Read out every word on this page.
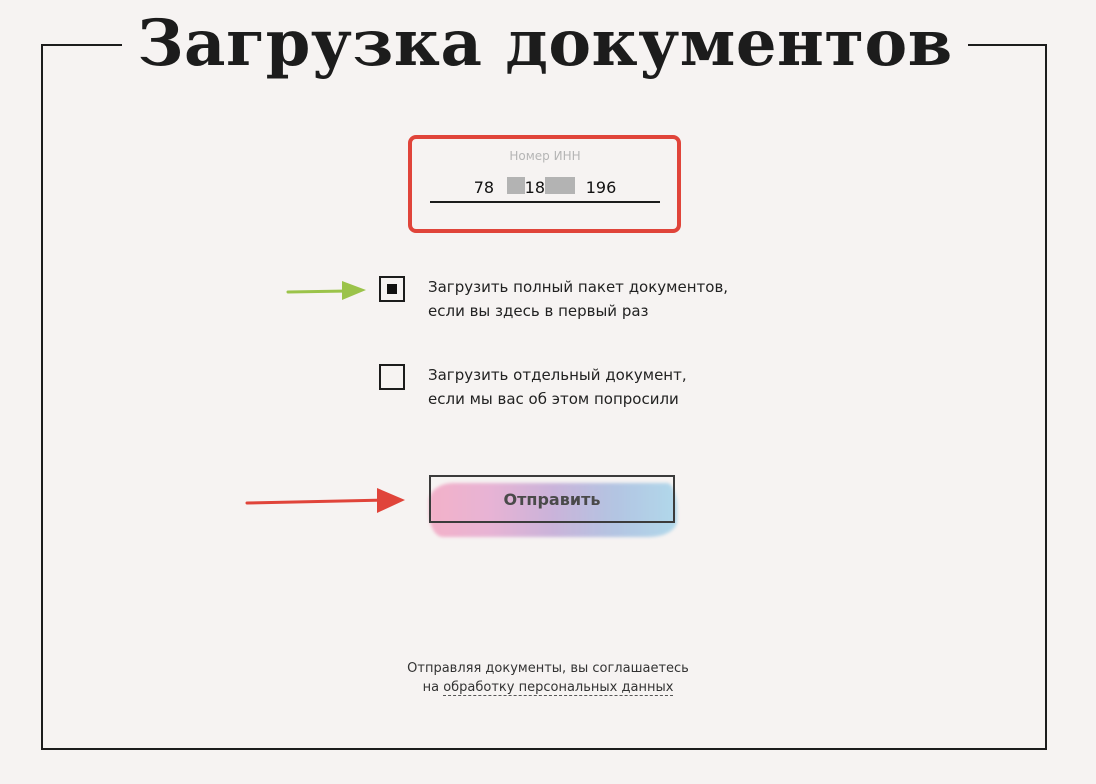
Загрузка документов
Номер ИНН
78   18    196
Загрузить полный пакет документов,
если вы здесь в первый раз
Загрузить отдельный документ,
если мы вас об этом попросили
Отправить
Отправляя документы, вы соглашаетесь
на обработку персональных данных
